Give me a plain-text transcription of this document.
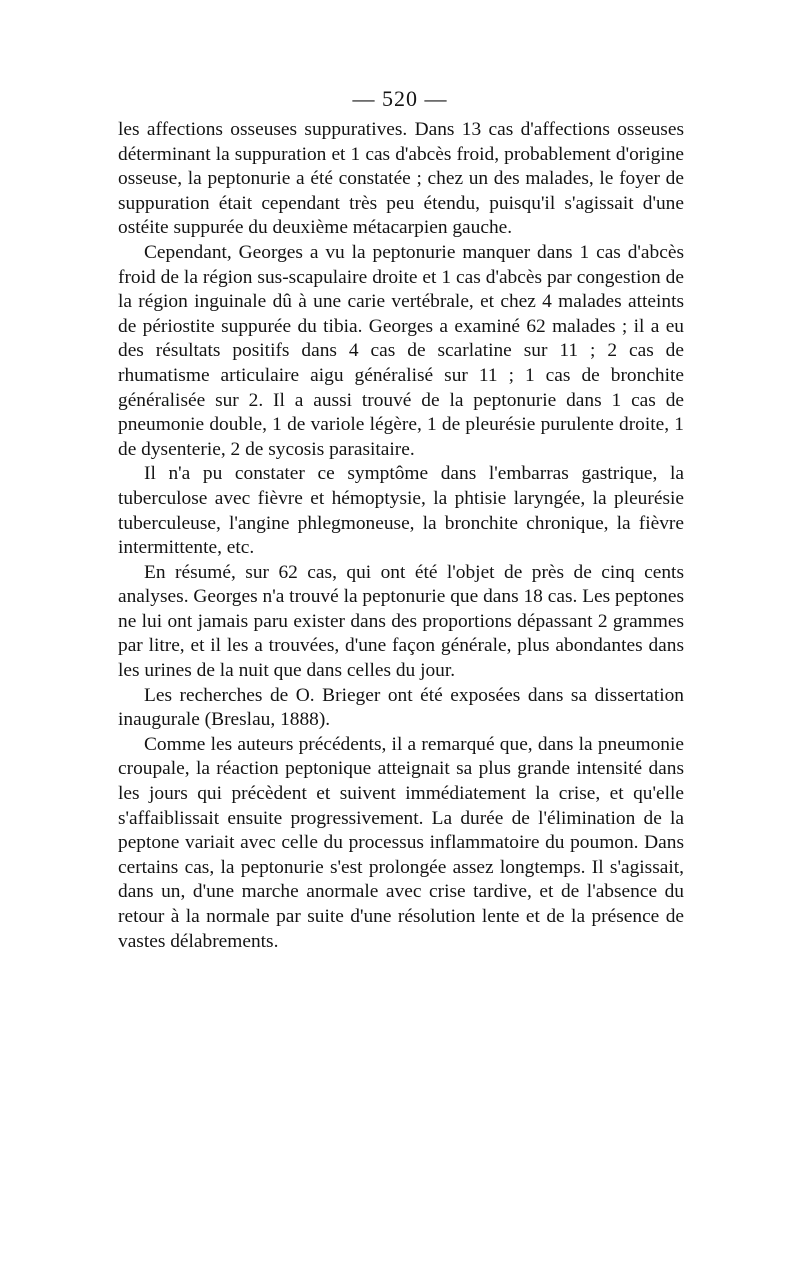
— 520 —

les affections osseuses suppuratives. Dans 13 cas d'affections osseuses déterminant la suppuration et 1 cas d'abcès froid, probablement d'origine osseuse, la peptonurie a été constatée ; chez un des malades, le foyer de suppuration était cependant très peu étendu, puisqu'il s'agissait d'une ostéite suppurée du deuxième métacarpien gauche.

Cependant, Georges a vu la peptonurie manquer dans 1 cas d'abcès froid de la région sus-scapulaire droite et 1 cas d'abcès par congestion de la région inguinale dû à une carie vertébrale, et chez 4 malades atteints de périostite suppurée du tibia. Georges a examiné 62 malades ; il a eu des résultats positifs dans 4 cas de scarlatine sur 11 ; 2 cas de rhumatisme articulaire aigu généralisé sur 11 ; 1 cas de bronchite généralisée sur 2. Il a aussi trouvé de la peptonurie dans 1 cas de pneumonie double, 1 de variole légère, 1 de pleurésie purulente droite, 1 de dysenterie, 2 de sycosis parasitaire.

Il n'a pu constater ce symptôme dans l'embarras gastrique, la tuberculose avec fièvre et hémoptysie, la phtisie laryngée, la pleurésie tuberculeuse, l'angine phlegmoneuse, la bronchite chronique, la fièvre intermittente, etc.

En résumé, sur 62 cas, qui ont été l'objet de près de cinq cents analyses. Georges n'a trouvé la peptonurie que dans 18 cas. Les peptones ne lui ont jamais paru exister dans des proportions dépassant 2 grammes par litre, et il les a trouvées, d'une façon générale, plus abondantes dans les urines de la nuit que dans celles du jour.

Les recherches de O. Brieger ont été exposées dans sa dissertation inaugurale (Breslau, 1888).

Comme les auteurs précédents, il a remarqué que, dans la pneumonie croupale, la réaction peptonique atteignait sa plus grande intensité dans les jours qui précèdent et suivent immédiatement la crise, et qu'elle s'affaiblissait ensuite progressivement. La durée de l'élimination de la peptone variait avec celle du processus inflammatoire du poumon. Dans certains cas, la peptonurie s'est prolongée assez longtemps. Il s'agissait, dans un, d'une marche anormale avec crise tardive, et de l'absence du retour à la normale par suite d'une résolution lente et de la présence de vastes délabrements.
